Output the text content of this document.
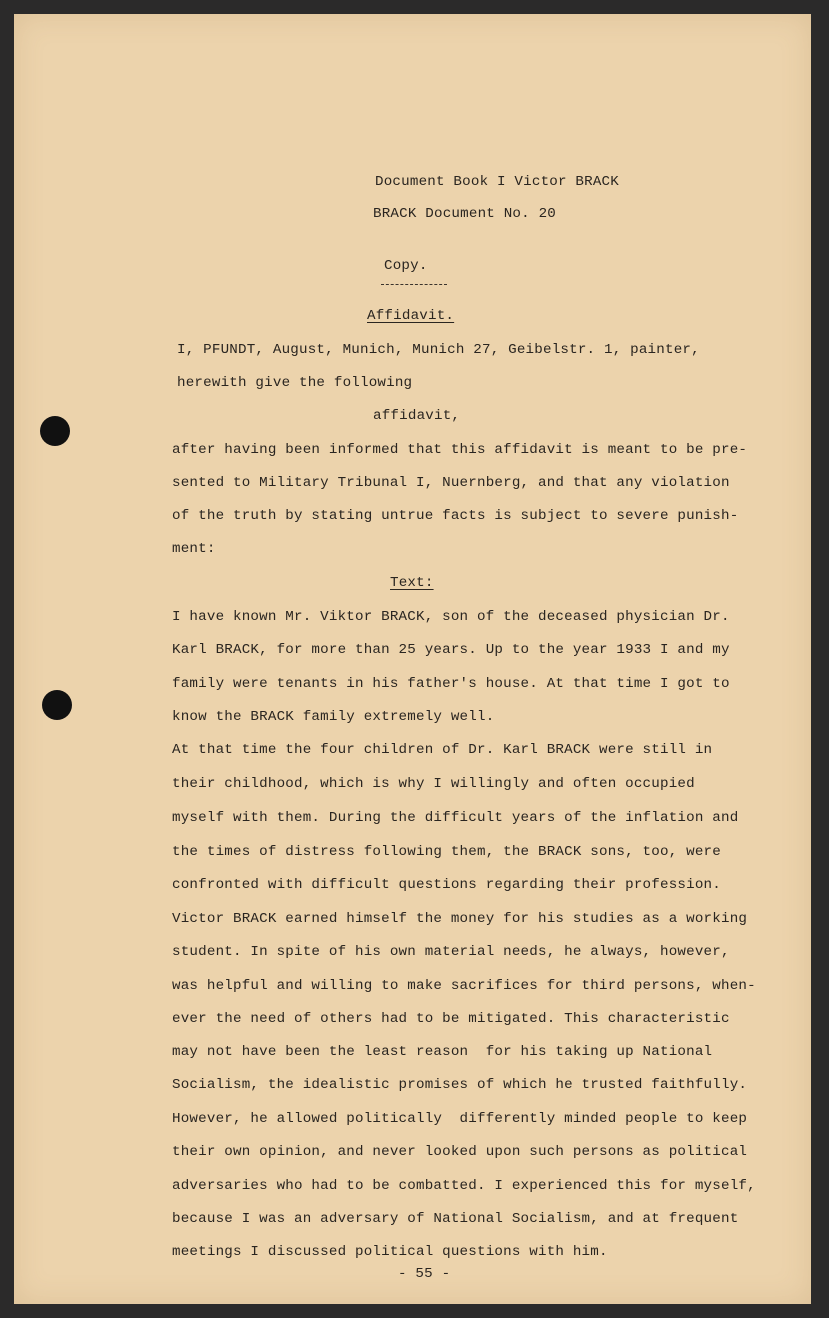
Document Book I Victor BRACK
BRACK Document No. 20
Copy.
Affidavit.
I, PFUNDT, August, Munich, Munich 27, Geibelstr. 1, painter,
herewith give the following
affidavit,
after having been informed that this affidavit is meant to be pre-
sented to Military Tribunal I, Nuernberg, and that any violation
of the truth by stating untrue facts is subject to severe punish-
ment:
Text:
I have known Mr. Viktor BRACK, son of the deceased physician Dr.
Karl BRACK, for more than 25 years. Up to the year 1933 I and my
family were tenants in his father's house. At that time I got to
know the BRACK family extremely well.
At that time the four children of Dr. Karl BRACK were still in
their childhood, which is why I willingly and often occupied
myself with them. During the difficult years of the inflation and
the times of distress following them, the BRACK sons, too, were
confronted with difficult questions regarding their profession.
Victor BRACK earned himself the money for his studies as a working
student. In spite of his own material needs, he always, however,
was helpful and willing to make sacrifices for third persons, when-
ever the need of others had to be mitigated. This characteristic
may not have been the least reason  for his taking up National
Socialism, the idealistic promises of which he trusted faithfully.
However, he allowed politically  differently minded people to keep
their own opinion, and never looked upon such persons as political
adversaries who had to be combatted. I experienced this for myself,
because I was an adversary of National Socialism, and at frequent
meetings I discussed political questions with him.
- 55 -
